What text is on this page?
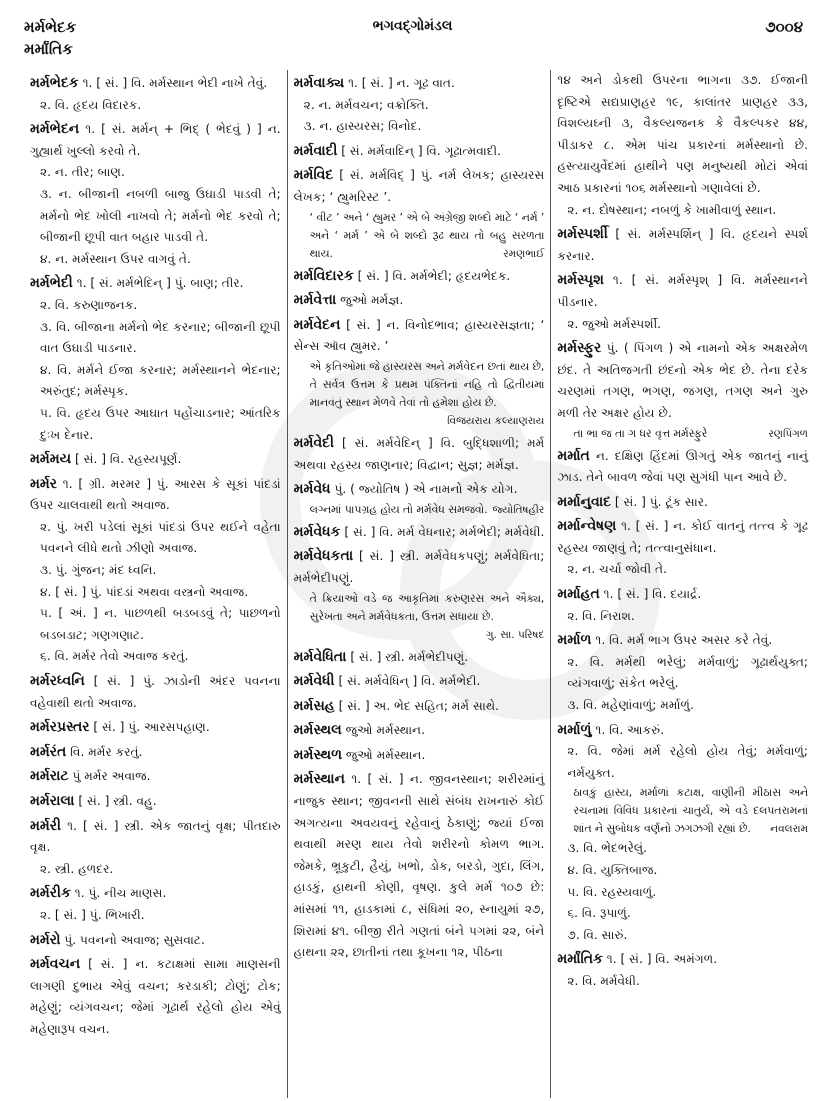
મર્મભેદક
મર્માંતિક
ભગવદ્ગોમંડલ	૭૦૦૪
મર્મભેદક ૧. [ સં. ] વિ. મર્મસ્થાન ભેદી નાખે તેવું.
૨. વિ. હૃદય વિદારક.
મર્મભેદન ૧. [ સં. મર્મન્ + ભિદ્ ( ભેદવું ) ] ન. ગુહ્યાર્થ ખુલ્લો કરવો તે.
૨. ન. તીર; બાણ.
૩. ન. બીજાની નબળી બાજુ ઉઘાડી પાડવી તે; મર્મનો ભેદ ખોલી નાખવો તે; મર્મનો ભેદ કરવો તે; બીજાની છૂપી વાત બહાર પાડવી તે.
૪. ન. મર્મસ્થાન ઉપર વાગવું તે.
મર્મભેદી ૧. [ સં. મર્મભેદિન્ ] પું. બાણ; તીર.
૨. વિ. કરુણાજનક.
૩. વિ. બીજાના મર્મનો ભેદ કરનાર; બીજાની છૂપી વાત ઉઘાડી પાડનાર.
૪. વિ. મર્મને ઈજા કરનાર; મર્મસ્થાનને ભેદનાર; અરુંતુદ; મર્મસ્પૃક.
૫. વિ. હૃદય ઉપર આઘાત પહોંચાડનાર; આંતરિક દુઃખ દેનાર.
મર્મમય [ સં. ] વિ. રહસ્યપૂર્ણ.
મર્મર ૧. [ ગ્રી. મરમર ] પું. આરસ કે સૂકાં પાંદડાં ઉપર ચાલવાથી થતો અવાજ.
૨. પું. ખરી પડેલાં સૂકાં પાંદડાં ઉપર થઈને વહેતા પવનને લીધે થતો ઝીણો અવાજ.
૩. પું. ગુંજન; મંદ ધ્વનિ.
૪. [ સં. ] પું. પાંદડાં અથવા વસ્ત્રનો અવાજ.
૫. [ અં. ] ન. પાછળથી બડબડવું તે; પાછળનો બડબડાટ; ગણગણાટ.
૬. વિ. મર્મર તેવો અવાજ કરતું.
મર્મરધ્વનિ [ સં. ] પું. ઝાડોની અંદર પવનના વહેવાથી થતો અવાજ.
મર્મરપ્રસ્તર [ સં. ] પું. આરસપહાણ.
મર્મરંત વિ. મર્મર કરતું.
મર્મરાટ પું મર્મર અવાજ.
મર્મરાલા [ સં. ] સ્ત્રી. વહુ.
મર્મરી ૧. [ સં. ] સ્ત્રી. એક જાતનું વૃક્ષ; પીતદારુ વૃક્ષ.
૨. સ્ત્રી. હળદર.
મર્મરીક ૧. પું. નીચ માણસ.
૨. [ સં. ] પું. ભિખારી.
મર્મરો પું. પવનનો અવાજ; સુસવાટ.
મર્મવચન [ સં. ] ન. કટાક્ષમાં સામા માણસની લાગણી દુભાય એવું વચન; કરડાકી; ટોણું; ટોક; મહેણું; વ્યંગવચન; જેમાં ગૂઢાર્થ રહેલો હોય એવું મહેણારૂપ વચન.
મર્મવાક્ય ૧. [ સં. ] ન. ગૂઢ વાત.
૨. ન. મર્મવચન; વક્રોક્તિ.
૩. ન. હાસ્યરસ; વિનોદ.
મર્મવાદી [ સં. મર્મવાદિન્ ] વિ. ગૂઢાત્મવાદી.
મર્મવિદ [ સં. મર્મવિદ્ ] પું. નર્મ લેખક; હાસ્યરસ લેખક; ‘ હ્યુમરિસ્ટ ’.
‘ વીટ ’ અને ‘ હ્યુમર ’ એ બે અંગ્રેજી શબ્દો માટે ‘ નર્મ ’ અને ‘ મર્મ ’ એ બે શબ્દો રૂઢ થાય તો બહુ સરળતા થાય.	રમણભાઈ
મર્મવિદારક [ સં. ] વિ. મર્મભેદી; હૃદયભેદક.
મર્મવેત્તા જુઓ મર્મજ્ઞ.
મર્મવેદન [ સં. ] ન. વિનોદભાવ; હાસ્યરસજ્ઞતા; ‘ સેન્સ ઑવ હ્યુમર. ’
એ કૃતિઓમાં જે હાસ્યરસ અને મર્મવેદન છતાં થાય છે, તે સર્વત્ર ઉત્તમ કે પ્રથમ પંક્તિનાં નહિ તો દ્વિતીયમાં માનવંતું સ્થાન મેળવે તેવાં તો હમેશા હોય છે.
વિજયરાય કલ્યાણરાય
મર્મવેદી [ સં. મર્મવેદિન્ ] વિ. બુદ્ધિશાળી; મર્મ અથવા રહસ્ય જાણનાર; વિદ્વાન; સુજ્ઞ; મર્મજ્ઞ.
મર્મવેધ પું. ( જ્યોતિષ ) એ નામનો એક યોગ.
લગ્નમાં પાપગ્રહ હોય તો મર્મવેધ સમજવો. જ્યોતિષહીર
મર્મવેધક [ સં. ] વિ. મર્મ વેધનાર; મર્મભેદી; મર્મવેધી.
મર્મવેધકતા [ સં. ] સ્ત્રી. મર્મવેધકપણું; મર્મવેધિતા; મર્મભેદીપણું.
તે ક્રિયાઓ વડે જ આકૃતિમાં કરુણરસ અને ઐક્ય, સુરેખતા અને મર્મવેધકતા, ઉત્તમ સધાયા છે.
ગુ. સા. પરિષદ
મર્મવેધિતા [ સં. ] સ્ત્રી. મર્મભેદીપણું.
મર્મવેધી [ સં. મર્મવેધિન્ ] વિ. મર્મભેદી.
મર્મસહ [ સં. ] અ. ભેદ સહિત; મર્મ સાથે.
મર્મસ્થલ જુઓ મર્મસ્થાન.
મર્મસ્થળ જુઓ મર્મસ્થાન.
મર્મસ્થાન ૧. [ સં. ] ન. જીવનસ્થાન; શરીરમાંનું નાજુક સ્થાન; જીવનની સાથે સંબંધ રાખનારું કોઈ અગત્યના અવયવનું રહેવાનું ઠેકાણું; જ્યાં ઈજા થવાથી મરણ થાય તેવો શરીરનો કોમળ ભાગ. જેમકે, ભ્રૂકુટી, હૈયું, ખભો, ડોક, બરડો, ગુદા, લિંગ, હાડકું, હાથની કોણી, વૃષણ. કુલે મર્મ ૧૦૭ છે: માંસમાં ૧૧, હાડકામાં ૮, સંધિમાં ૨૦, સ્નાયુમાં ૨૭, શિરામાં ૪૧. બીજી રીતે ગણતાં બંને પગમાં ૨૨, બંને હાથના ૨૨, છાતીનાં તથા કૂખના ૧૨, પીઠના
૧૪ અને ડોકથી ઉપરના ભાગના ૩૭. ઈજાની દૃષ્ટિએ સદ્યપ્રાણહર ૧૯, કાલાંતર પ્રાણહર ૩૩, વિશલ્યઘ્ની ૩, વૈકલ્યજનક કે વૈકલ્પકર ૪૪, પીડાકર ૮. એમ પાંચ પ્રકારનાં મર્મસ્થાનો છે. હસ્ત્યાયુર્વેદમાં હાથીને પણ મનુષ્યથી મોટાં એવાં આઠ પ્રકારનાં ૧૦૬ મર્મસ્થાનો ગણાવેલાં છે.
૨. ન. દોષસ્થાન; નબળું કે ખામીવાળું સ્થાન.
મર્મસ્પર્શી [ સં. મર્મસ્પર્શિન્ ] વિ. હૃદયને સ્પર્શ કરનાર.
મર્મસ્પૃશ ૧. [ સં. મર્મસ્પૃશ્ ] વિ. મર્મસ્થાનને પીડનાર.
૨. જુઓ મર્મસ્પર્શી.
મર્મસ્ફુર પું. ( પિંગળ ) એ નામનો એક અક્ષરમેળ છંદ. તે અતિજગતી છંદનો એક ભેદ છે. તેના દરેક ચરણમાં તગણ, ભગણ, જગણ, તગણ અને ગુરુ મળી તેર અક્ષર હોય છે.
તા ભા જ તા ગ ધર વૃત્ત મર્મસ્ફુરે	રણપિંગળ
મર્માત ન. દક્ષિણ હિંદમાં ઊગતું એક જાતનું નાનું ઝાડ. તેને બાવળ જેવાં પણ સુગંધી પાન આવે છે.
મર્માનુવાદ [ સં. ] પું. ટૂંક સાર.
મર્માન્વેષણ ૧. [ સં. ] ન. કોઈ વાતનું તત્ત્વ કે ગૂઢ રહસ્ય જાણવું તે; તત્ત્વાનુસંધાન.
૨. ન. ચર્ચા જોવી તે.
મર્માહત ૧. [ સં. ] વિ. દયાર્દ્ર.
૨. વિ. નિરાશ.
મર્માળ ૧. વિ. મર્મ ભાગ ઉપર અસર કરે તેવું.
૨. વિ. મર્મથી ભરેલું; મર્મવાળું; ગૂઢાર્થયુક્ત; વ્યંગવાળું; સંકેત ભરેલું.
૩. વિ. મહેણાંવાળું; મર્માળું.
મર્માળું ૧. વિ. આકરું.
૨. વિ. જેમાં મર્મ રહેલો હોય તેવું; મર્મવાળું; નર્મયુક્ત.
ઠાવકું હાસ્ય, મર્માળાં કટાક્ષ, વાણીની મીઠાસ અને રચનામાં વિવિધ પ્રકારનાં ચાતુર્ય, એ વડે દલપતરામનાં શાંત ને સુબોધક વર્ણનો ઝગઝગી રહ્યાં છે. નવલરામ
૩. વિ. ભેદભરેલું.
૪. વિ. યુક્તિબાજ.
૫. વિ. રહસ્યવાળું.
૬. વિ. રૂપાળું.
૭. વિ. સારું.
મર્માંતિક ૧. [ સં. ] વિ. અમંગળ.
૨. વિ. મર્મવેધી.
